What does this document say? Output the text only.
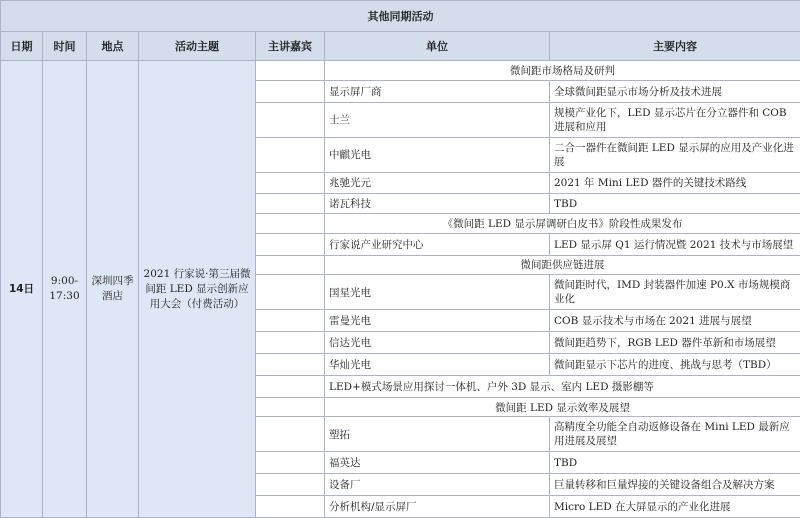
其他同期活动						
日期	时间	地点	活动主题	主讲嘉宾	单位	主要内容
14日	9:00-17:30	深圳四季酒店	2021 行家说·第三届微间距 LED 显示创新应用大会（付费活动）		微间距市场格局及研判	
					显示屏厂商	全球微间距显示市场分析及技术进展
					士兰	规模产业化下，LED 显示芯片在分立器件和 COB 进展和应用
					中麒光电	二合一器件在微间距 LED 显示屏的应用及产业化进展
					兆驰光元	2021 年 Mini LED 器件的关键技术路线
					诺瓦科技	TBD
					《微间距 LED 显示屏调研白皮书》阶段性成果发布	
					行家说产业研究中心	LED 显示屏 Q1 运行情况暨 2021 技术与市场展望
					微间距供应链进展	
					国星光电	微间距时代，IMD 封装器件加速 P0.X 市场规模商业化
					雷曼光电	COB 显示技术与市场在 2021 进展与展望
					信达光电	微间距趋势下，RGB LED 器件革新和市场展望
					华灿光电	微间距显示下芯片的进度、挑战与思考（TBD）
					LED+模式场景应用探讨一体机、户外 3D 显示、室内 LED 摄影棚等	
					微间距 LED 显示效率及展望	
					塑拓	高精度全功能全自动返修设备在 Mini LED 最新应用进展及展望
					福英达	TBD
					设备厂	巨量转移和巨量焊接的关键设备组合及解决方案
					分析机构/显示屏厂	Micro LED 在大屏显示的产业化进展
